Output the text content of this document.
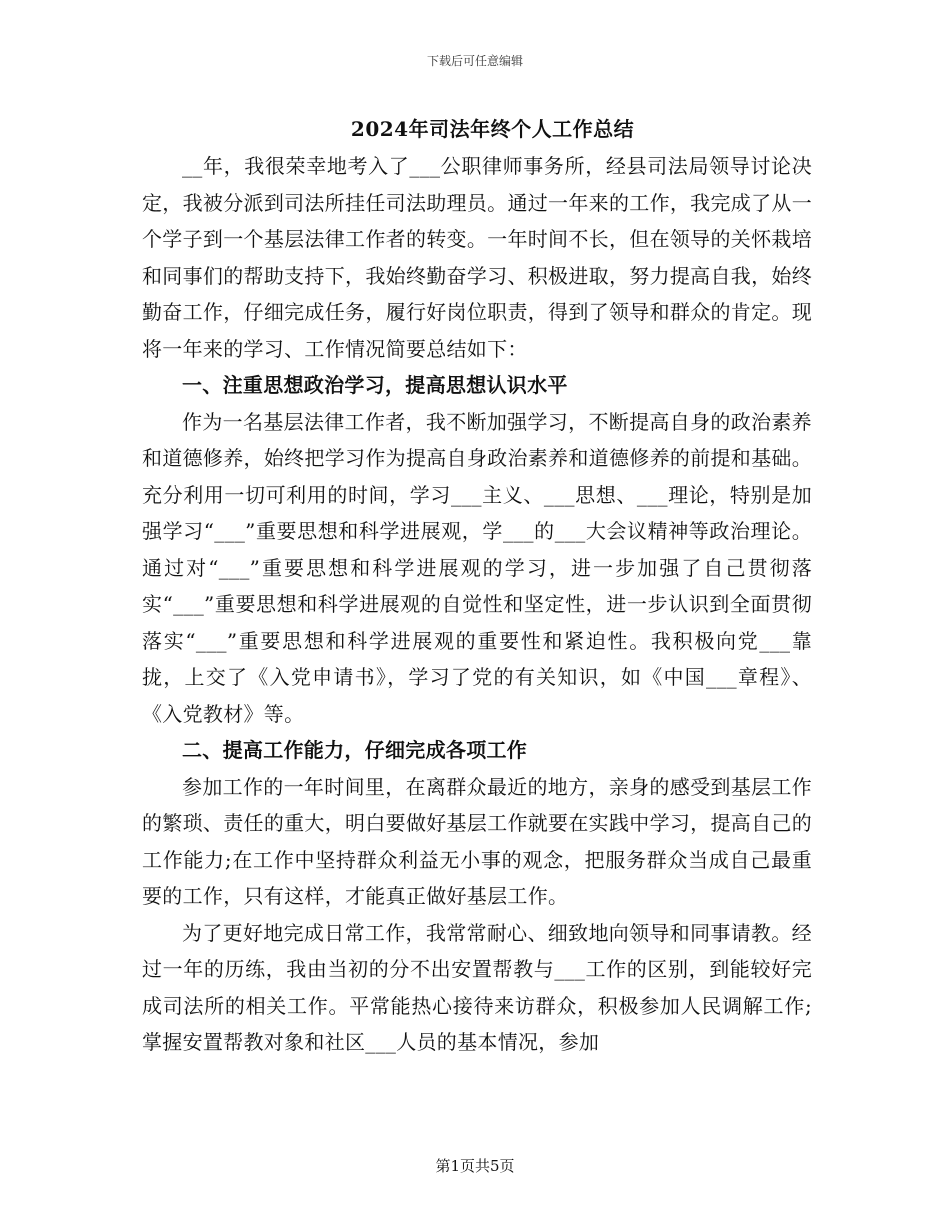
下载后可任意编辑
2024年司法年终个人工作总结

__年，我很荣幸地考入了___公职律师事务所，经县司法局领导讨论决定，我被分派到司法所挂任司法助理员。通过一年来的工作，我完成了从一个学子到一个基层法律工作者的转变。一年时间不长，但在领导的关怀栽培和同事们的帮助支持下，我始终勤奋学习、积极进取，努力提高自我，始终勤奋工作，仔细完成任务，履行好岗位职责，得到了领导和群众的肯定。现将一年来的学习、工作情况简要总结如下：

一、注重思想政治学习，提高思想认识水平

作为一名基层法律工作者，我不断加强学习，不断提高自身的政治素养和道德修养，始终把学习作为提高自身政治素养和道德修养的前提和基础。充分利用一切可利用的时间，学习___主义、___思想、___理论，特别是加强学习“___”重要思想和科学进展观，学___的___大会议精神等政治理论。通过对“___”重要思想和科学进展观的学习，进一步加强了自己贯彻落实“___”重要思想和科学进展观的自觉性和坚定性，进一步认识到全面贯彻落实“___”重要思想和科学进展观的重要性和紧迫性。我积极向党___靠拢，上交了《入党申请书》，学习了党的有关知识，如《中国___章程》、《入党教材》等。

二、提高工作能力，仔细完成各项工作

参加工作的一年时间里，在离群众最近的地方，亲身的感受到基层工作的繁琐、责任的重大，明白要做好基层工作就要在实践中学习，提高自己的工作能力;在工作中坚持群众利益无小事的观念，把服务群众当成自己最重要的工作，只有这样，才能真正做好基层工作。

为了更好地完成日常工作，我常常耐心、细致地向领导和同事请教。经过一年的历练，我由当初的分不出安置帮教与___工作的区别，到能较好完成司法所的相关工作。平常能热心接待来访群众，积极参加人民调解工作;掌握安置帮教对象和社区___人员的基本情况，参加

第1页共5页
